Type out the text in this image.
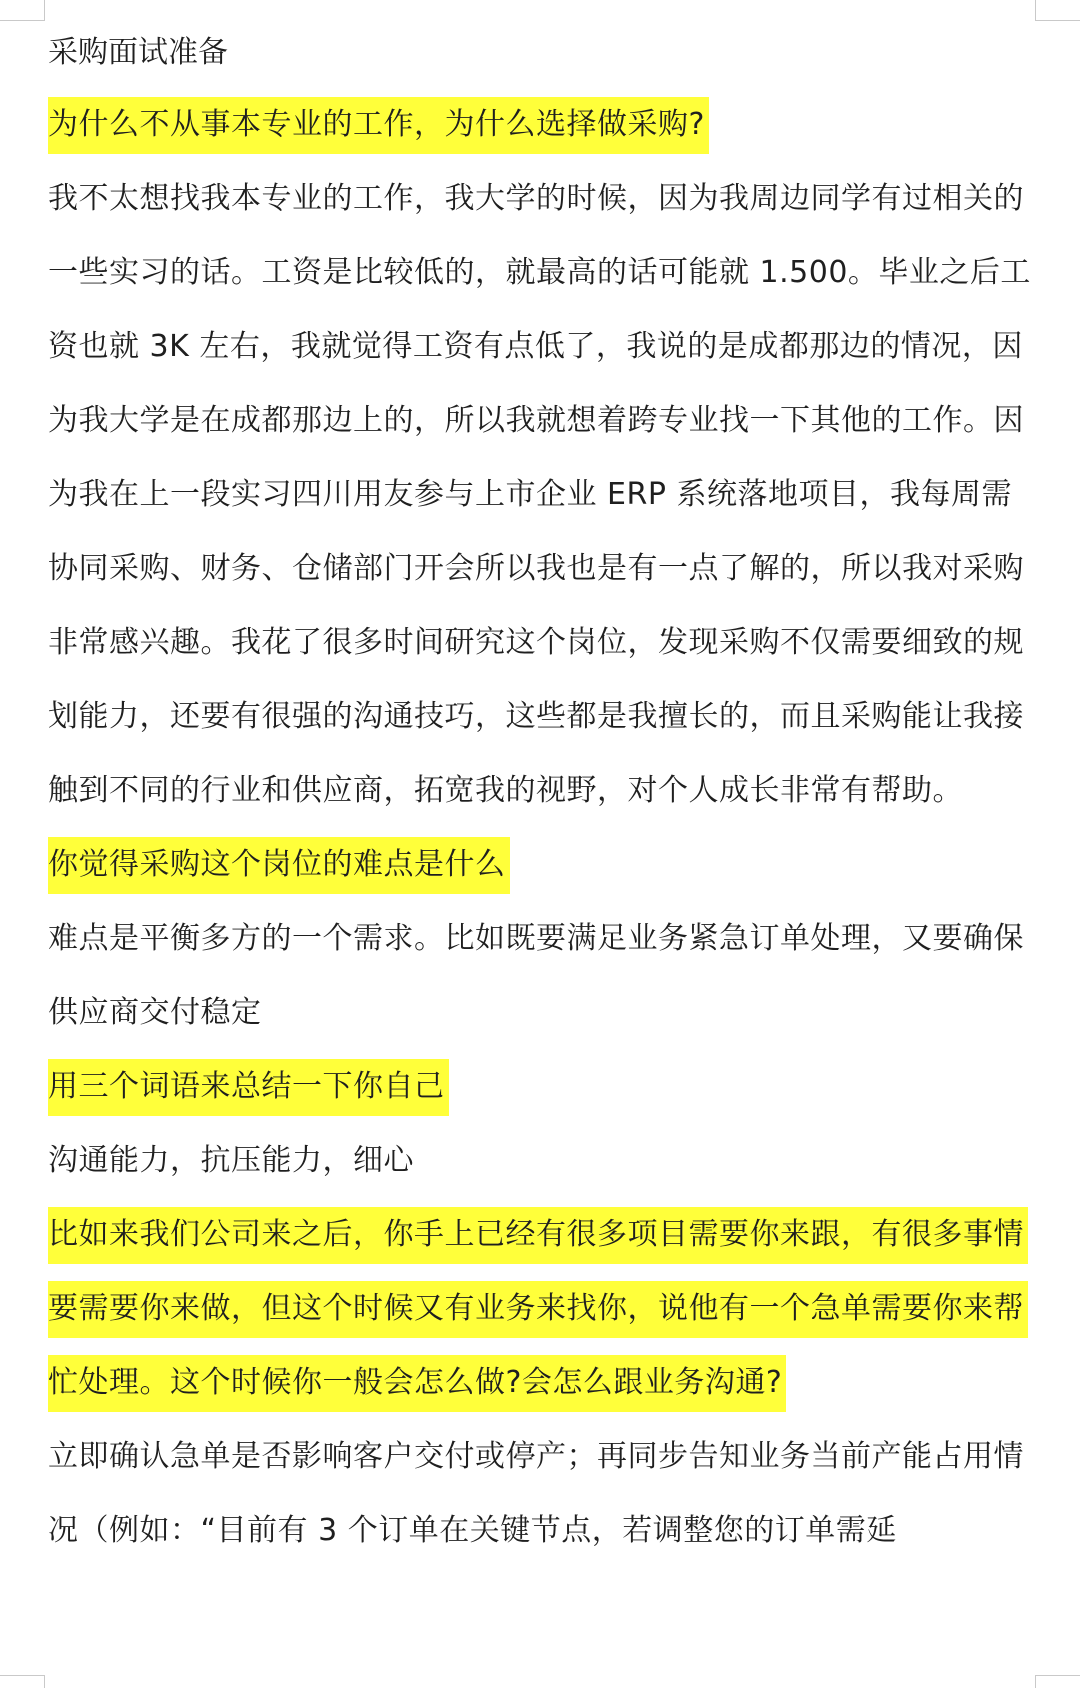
采购面试准备

为什么不从事本专业的工作，为什么选择做采购?

我不太想找我本专业的工作，我大学的时候，因为我周边同学有过相关的一些实习的话。工资是比较低的，就最高的话可能就 1.500。毕业之后工资也就 3K 左右，我就觉得工资有点低了，我说的是成都那边的情况，因为我大学是在成都那边上的，所以我就想着跨专业找一下其他的工作。因为我在上一段实习四川用友参与上市企业 ERP 系统落地项目，我每周需协同采购、财务、仓储部门开会所以我也是有一点了解的，所以我对采购非常感兴趣。我花了很多时间研究这个岗位，发现采购不仅需要细致的规划能力，还要有很强的沟通技巧，这些都是我擅长的，而且采购能让我接触到不同的行业和供应商，拓宽我的视野，对个人成长非常有帮助。

你觉得采购这个岗位的难点是什么

难点是平衡多方的一个需求。比如既要满足业务紧急订单处理，又要确保供应商交付稳定

用三个词语来总结一下你自己

沟通能力，抗压能力，细心

比如来我们公司来之后，你手上已经有很多项目需要你来跟，有很多事情要需要你来做，但这个时候又有业务来找你，说他有一个急单需要你来帮忙处理。这个时候你一般会怎么做?会怎么跟业务沟通?

立即确认急单是否影响客户交付或停产；再同步告知业务当前产能占用情况（例如：“目前有 3 个订单在关键节点，若调整您的订单需延
